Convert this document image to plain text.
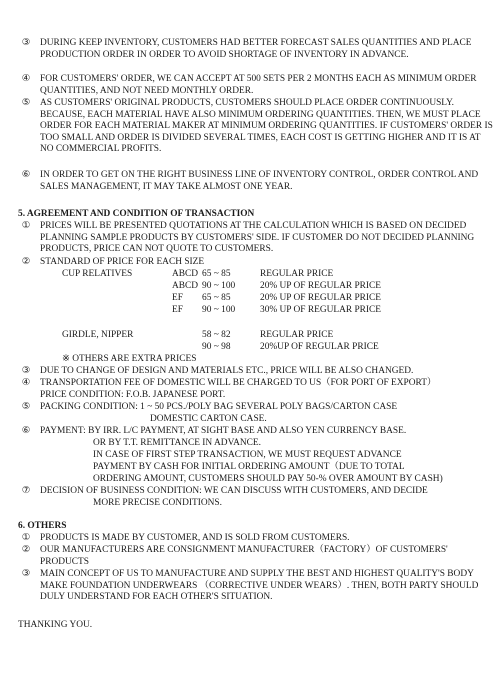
③	DURING KEEP INVENTORY, CUSTOMERS HAD BETTER FORECAST SALES QUANTITIES AND PLACE PRODUCTION ORDER IN ORDER TO AVOID SHORTAGE OF INVENTORY IN ADVANCE.
④	FOR CUSTOMERS' ORDER, WE CAN ACCEPT AT 500 SETS PER 2 MONTHS EACH AS MINIMUM ORDER QUANTITIES, AND NOT NEED MONTHLY ORDER.
⑤	AS CUSTOMERS' ORIGINAL PRODUCTS, CUSTOMERS SHOULD PLACE ORDER CONTINUOUSLY. BECAUSE, EACH MATERIAL HAVE ALSO MINIMUM ORDERING QUANTITIES. THEN, WE MUST PLACE ORDER FOR EACH MATERIAL MAKER AT MINIMUM ORDERING QUANTITIES. IF CUSTOMERS' ORDER IS TOO SMALL AND ORDER IS DIVIDED SEVERAL TIMES, EACH COST IS GETTING HIGHER AND IT IS AT NO COMMERCIAL PROFITS.
⑥	IN ORDER TO GET ON THE RIGHT BUSINESS LINE OF INVENTORY CONTROL, ORDER CONTROL AND SALES MANAGEMENT, IT MAY TAKE ALMOST ONE YEAR.
5. AGREEMENT AND CONDITION OF TRANSACTION
①	PRICES WILL BE PRESENTED QUOTATIONS AT THE CALCULATION WHICH IS BASED ON DECIDED PLANNING SAMPLE PRODUCTS BY CUSTOMERS' SIDE. IF CUSTOMER DO NOT DECIDED PLANNING PRODUCTS, PRICE CAN NOT QUOTE TO CUSTOMERS.
②	STANDARD OF PRICE FOR EACH SIZE
CUP RELATIVES	ABCD 65 ~ 85	REGULAR PRICE
ABCD 90 ~ 100	20% UP OF REGULAR PRICE
EF 65 ~ 85	20% UP OF REGULAR PRICE
EF 90 ~ 100	30% UP OF REGULAR PRICE
GIRDLE, NIPPER	58 ~ 82	REGULAR PRICE
90 ~ 98	20%UP OF REGULAR PRICE
※ OTHERS ARE EXTRA PRICES
③	DUE TO CHANGE OF DESIGN AND MATERIALS ETC., PRICE WILL BE ALSO CHANGED.
④	TRANSPORTATION FEE OF DOMESTIC WILL BE CHARGED TO US（FOR PORT OF EXPORT）
PRICE CONDITION: F.O.B. JAPANESE PORT.
⑤	PACKING CONDITION: 1 ~ 50 PCS./POLY BAG SEVERAL POLY BAGS/CARTON CASE
DOMESTIC CARTON CASE.
⑥	PAYMENT: BY IRR. L/C PAYMENT, AT SIGHT BASE AND ALSO YEN CURRENCY BASE.
OR BY T.T. REMITTANCE IN ADVANCE.
IN CASE OF FIRST STEP TRANSACTION, WE MUST REQUEST ADVANCE
PAYMENT BY CASH FOR INITIAL ORDERING AMOUNT（DUE TO TOTAL
ORDERING AMOUNT, CUSTOMERS SHOULD PAY 50-% OVER AMOUNT BY CASH)
⑦	DECISION OF BUSINESS CONDITION: WE CAN DISCUSS WITH CUSTOMERS, AND DECIDE
MORE PRECISE CONDITIONS.
6. OTHERS
①	PRODUCTS IS MADE BY CUSTOMER, AND IS SOLD FROM CUSTOMERS.
②	OUR MANUFACTURERS ARE CONSIGNMENT MANUFACTURER（FACTORY）OF CUSTOMERS' PRODUCTS
③	MAIN CONCEPT OF US TO MANUFACTURE AND SUPPLY THE BEST AND HIGHEST QUALITY'S BODY MAKE FOUNDATION UNDERWEARS （CORRECTIVE UNDER WEARS）. THEN, BOTH PARTY SHOULD DULY UNDERSTAND FOR EACH OTHER'S SITUATION.
THANKING YOU.
